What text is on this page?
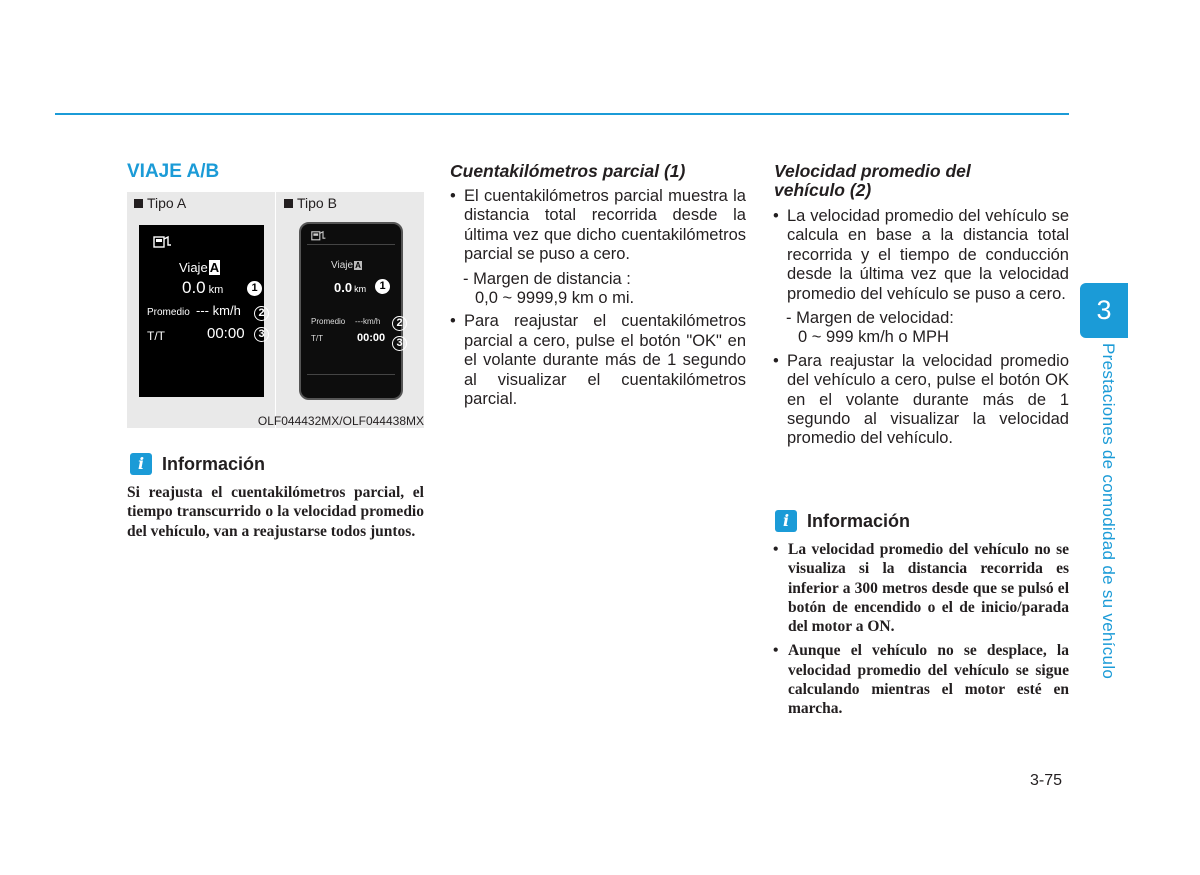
VIAJE A/B
Tipo A	Tipo B
Viaje A
0.0 km	1
Promedio --- km/h
T/T	00:00
2
3
Viaje A
0.0 km
Promedio ---km/h
T/T	00:00
1
2
3
OLF044432MX/OLF044438MX
i Información
Si reajusta el cuentakilómetros parcial, el tiempo transcurrido o la velocidad promedio del vehículo, van a reajustarse todos juntos.
Cuentakilómetros parcial (1)
• El cuentakilómetros parcial muestra la distancia total recorrida desde la última vez que dicho cuentakilómetros parcial se puso a cero.
- Margen de distancia :
0,0 ~ 9999,9 km o mi.
• Para reajustar el cuentakilómetros parcial a cero, pulse el botón "OK" en el volante durante más de 1 segundo al visualizar el cuentakilómetros parcial.
Velocidad promedio del
vehículo (2)
• La velocidad promedio del vehículo se calcula en base a la distancia total recorrida y el tiempo de conducción desde la última vez que la velocidad promedio del vehículo se puso a cero.
- Margen de velocidad:
0 ~ 999 km/h o MPH
• Para reajustar la velocidad promedio del vehículo a cero, pulse el botón OK en el volante durante más de 1 segundo al visualizar la velocidad promedio del vehículo.
i Información
• La velocidad promedio del vehículo no se visualiza si la distancia recorrida es inferior a 300 metros desde que se pulsó el botón de encendido o el de inicio/parada del motor a ON.
• Aunque el vehículo no se desplace, la velocidad promedio del vehículo se sigue calculando mientras el motor esté en marcha.
3
Prestaciones de comodidad de su vehículo
3-75
